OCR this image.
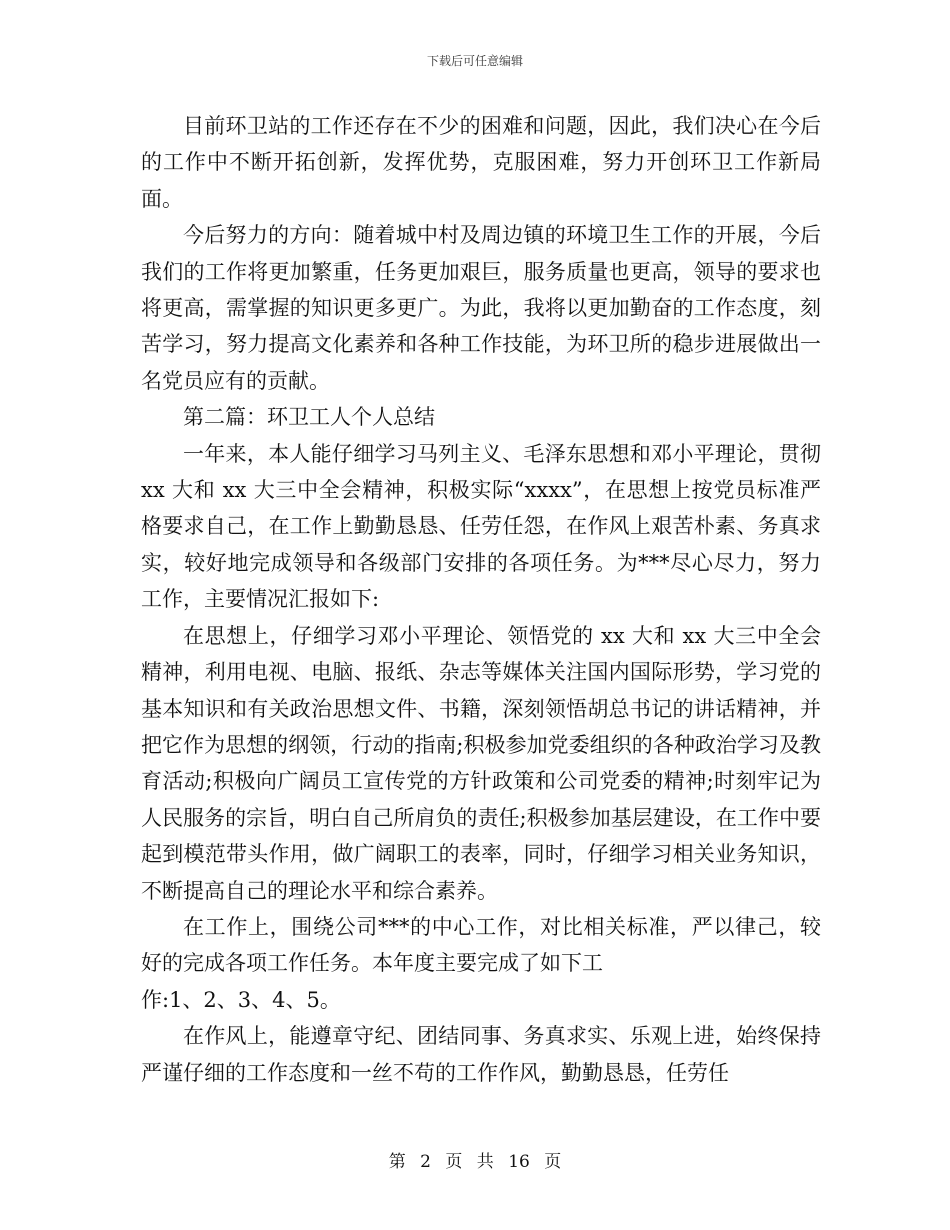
下载后可任意编辑

目前环卫站的工作还存在不少的困难和问题，因此，我们决心在今后的工作中不断开拓创新，发挥优势，克服困难，努力开创环卫工作新局面。

今后努力的方向：随着城中村及周边镇的环境卫生工作的开展，今后我们的工作将更加繁重，任务更加艰巨，服务质量也更高，领导的要求也将更高，需掌握的知识更多更广。为此，我将以更加勤奋的工作态度，刻苦学习，努力提高文化素养和各种工作技能，为环卫所的稳步进展做出一名党员应有的贡献。

第二篇：环卫工人个人总结

一年来，本人能仔细学习马列主义、毛泽东思想和邓小平理论，贯彻 xx 大和 xx 大三中全会精神，积极实际“xxxx”，在思想上按党员标准严格要求自己，在工作上勤勤恳恳、任劳任怨，在作风上艰苦朴素、务真求实，较好地完成领导和各级部门安排的各项任务。为***尽心尽力，努力工作，主要情况汇报如下:

在思想上，仔细学习邓小平理论、领悟党的 xx 大和 xx 大三中全会精神，利用电视、电脑、报纸、杂志等媒体关注国内国际形势，学习党的基本知识和有关政治思想文件、书籍，深刻领悟胡总书记的讲话精神，并把它作为思想的纲领，行动的指南;积极参加党委组织的各种政治学习及教育活动;积极向广阔员工宣传党的方针政策和公司党委的精神;时刻牢记为人民服务的宗旨，明白自己所肩负的责任;积极参加基层建设，在工作中要起到模范带头作用，做广阔职工的表率，同时，仔细学习相关业务知识，不断提高自己的理论水平和综合素养。

在工作上，围绕公司***的中心工作，对比相关标准，严以律己，较好的完成各项工作任务。本年度主要完成了如下工

作:1、2、3、4、5。

在作风上，能遵章守纪、团结同事、务真求实、乐观上进，始终保持严谨仔细的工作态度和一丝不苟的工作作风，勤勤恳恳，任劳任

第 2 页 共 16 页
